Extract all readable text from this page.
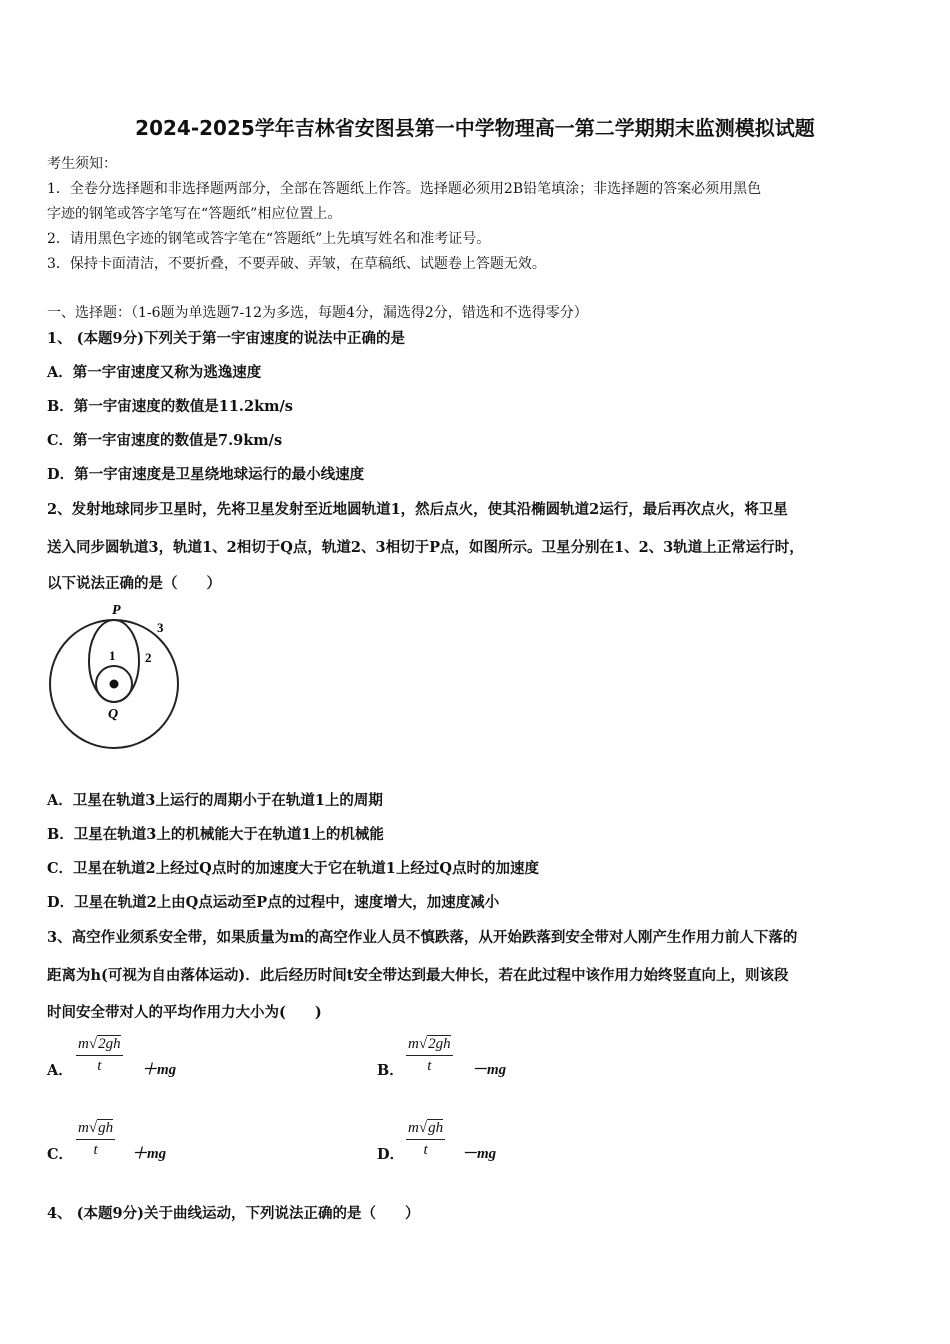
2024-2025学年吉林省安图县第一中学物理高一第二学期期末监测模拟试题
考生须知：
1．全卷分选择题和非选择题两部分，全部在答题纸上作答。选择题必须用2B铅笔填涂；非选择题的答案必须用黑色
字迹的钢笔或答字笔写在“答题纸”相应位置上。
2．请用黑色字迹的钢笔或答字笔在“答题纸”上先填写姓名和准考证号。
3．保持卡面清洁，不要折叠，不要弄破、弄皱，在草稿纸、试题卷上答题无效。
一、选择题：（1-6题为单选题7-12为多选，每题4分，漏选得2分，错选和不选得零分）
1、 (本题9分)下列关于第一宇宙速度的说法中正确的是
A．第一宇宙速度又称为逃逸速度
B．第一宇宙速度的数值是11.2km/s
C．第一宇宙速度的数值是7.9km/s
D．第一宇宙速度是卫星绕地球运行的最小线速度
2、发射地球同步卫星时，先将卫星发射至近地圆轨道1，然后点火，使其沿椭圆轨道2运行，最后再次点火，将卫星
送入同步圆轨道3，轨道1、2相切于Q点，轨道2、3相切于P点，如图所示。卫星分别在1、2、3轨道上正常运行时，
以下说法正确的是（　　）
P
Q
1 2
3
A．卫星在轨道3上运行的周期小于在轨道1上的周期
B．卫星在轨道3上的机械能大于在轨道1上的机械能
C．卫星在轨道2上经过Q点时的加速度大于它在轨道1上经过Q点时的加速度
D．卫星在轨道2上由Q点运动至P点的过程中，速度增大，加速度减小
3、高空作业须系安全带，如果质量为m的高空作业人员不慎跌落，从开始跌落到安全带对人刚产生作用力前人下落的
距离为h(可视为自由落体运动)．此后经历时间t安全带达到最大伸长，若在此过程中该作用力始终竖直向上，则该段
时间安全带对人的平均作用力大小为(　　)
A． $\frac{m√2gh}{t} +mg$	B． $\frac{m√2gh}{t} -mg$
C． $\frac{m√gh}{t} +mg$	D． $\frac{m√gh}{t} -mg$
4、 (本题9分)关于曲线运动，下列说法正确的是（　　）
